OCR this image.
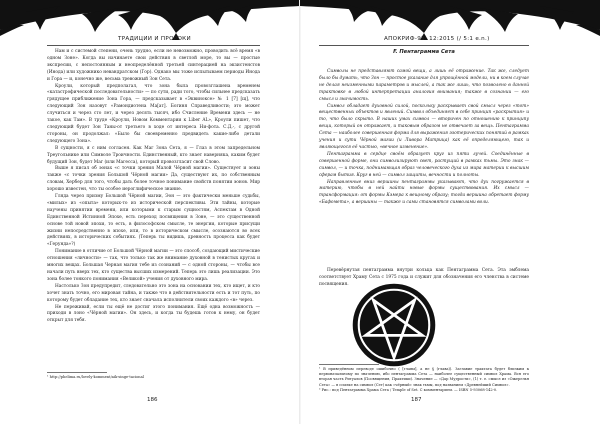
ТРАДИЦИИ И ПРОРОКИ

Нам и с системой степени, очень трудно, если не невозможно, проводить всё время «в одном Зоне». Когда вы начинаете свои действия в светлой морe, то вы — простые экспресии, с непостоянным и неопределённой третьей синтерацией на экзистенстов (Инода) или художнико невандратском (Гор). Однако мы тоже испытываем периоды Инода и Гора — и, конечно же, весьма тревожный Зон Сета.

Кроули, который предполагал, что зона была провозглашена временем «катастрофической последовательности» — по сути, ради того, чтобы сильнее предсказать грядущее приближение Зона Гора, — предсказывает в «Эквиноксе» № 1 [7] [щ], что следующий Зон назовут «Рамондиотена Ма[ат]. Богиня Справедливости; это может случиться и через сто лет, и через десять тысяч, ибо Счисление Времени здесь — не такое, как Там». В труде «Кроули, Новом Комментарии к Liber AL», Кроули пишет, что следующий будет Зон Таны-от третьего в ходе от интереса Ни-фота. С.Д.-, с другой стороны, он продолжал: «Было бы своевременно предвидеть какие-либо детали следующего Зона».

В сущности, я с ним согласен. Как Маг Зона Сета, я — Глаз в этом запредельном Треугольнике или Символе Троичности. Единственный, кто знает наверняка, каким будет будущий Зон, будет Маг (или Магесса), который провозгласит свой Слово.

Выше я писал об эонах «с точки зрения Малой Чёрной магии». Существует и эоны также «с точки зрения Большой Чёрной магии» Да, существуют их, по собственным словам, Хербер для того, чтобы дать более точное понимание свойств понятии эонов. Мир хорошо известен, что ты особое иероглифическое знание.

Гляда через призму Большой Чёрной магии, Эон — это фактически меньше судьбы, «милых» из «опыта» которых-то из исторической перспективы. Эти тайны, которые научены принятии времени, или которыми к старым сущностям, Аспектам в Одной Единственной Истинной Эпохе, есть переход посвящения в Зоне, — это существенной основе той новой эпохи, то есть, в философском смысле, те энергии, которые присущи жизни непосредственно в эпохе, или, то в историческом смысле, осознаются во всех действиях, в исторических событиях. (Теперь ты видишь, древность процесса как будет «Герунда»?)

Понимание в отличие от Большой Чёрной магии — это способ, создающий мистические отношения «личности» — так, что только так же внимание духовной в тенистых кругах и многих вещах. Большая Черная магия тебе из сознаний — с одной стороны, — чтобы все начали путь вверх тех, кто существа высших измерений. Теперь это лишь реализации. Это зона более тонкого понимания «Великой» учения от духовного мира.

Настолько Зон предупредит, следовательно это зона на основании тех, кто ищет, и кто хочет знать точно, его мировая тайна, и также что в действительности есть и тот путь, по которому будет обладание тех, кто знает сначала исполнители своих каждого «в» через.

Не переживай, если ты ещё не достиг этого понимания. Ещё одна возможность — приходи в лоно «Чёрной магии». Он здесь, и когда ты будешь готов к нему, он будет открыт для тебя.

¹ http://phelima.ru/lovely-komment/aik-singe-tacional

186
АПОКРИФ-98: 12:2015 (/ 5:1 e.n.)
187
F. Пентаграмма Сета

Символы не представляют самой вещи, а лишь её отражение. Так же, следует было бы думать, что Зон — простое указание для упрощённой модели, ни в коем случае не делая неизменными параметров и мыслей, а так же лишь, что позволено в данной трактовке в любой интерпретации аналогия внимания; также в сознании — его смысл и значимость.

Символ обладает духовной силой, поскольку раскрывает свой смысл через «тот» вещественных объектов и явлений. Символ объединяет в себе принцип «раскрытия» и то, что было скрыто. В наших умах символ — вторичен по отношению к принципу вещи, который он отражает, и таковым образом не отвечает за вещь. Пентаграмма Сета — наиболее совершенная форма для выражения эзотерических понятий в рамках учения и сути Чёрной магии (и Ливора Матрица) как её определяющего, так и являющегося её частью, «вечное изменение».

Пентаграмма в сердце своём образует круг из пяти лучей. Соединённые в совершенной форме, они символизируют свет, растущий в рамках тьмы. Это знак — символ, — и точка, поднимающая образ человеческого духа из мира материи к высшим сферам бытия. Круг в ней — символ защиты, вечности и полноты.

Направленные вниз вершины пентаграммы указывают, что дух погружается в материю, чтобы в ней найти новые формы существования. Их смысл — трансформация: от формы Кэмера к вещному образу; тогда вершина обретает форму «Бафомета», а вершины — также и сами становятся символами воли.

Перевёрнутая пентаграмма внутри кольца как Пентаграмма Сета. Эта эмблема соответствует Храму Сета с 1975 года и служит для обозначения его членства в системе посвящения.

¹ В приведённом переводе ошибочно ( [главы], а не § (глава)). Заглавие трактата будет близким к первоначальному по значению, ибо пентаграмма Сета — наиболее существенный символ Храма. Вся его вторая часть Ритуалов (Посвящения, Практики). Значение — «Дар Мудрости», (1) т. е. смысл из «Ожерелья Сета» — в ссылке на символ (Сет) как «чёрный» знак тьмы, под названием «Древнейший Символ».
² Рис.: под Пентаграмма Храма Сета / Temple of Set. С комментарием. — ISBN 5-93068-142-0.
